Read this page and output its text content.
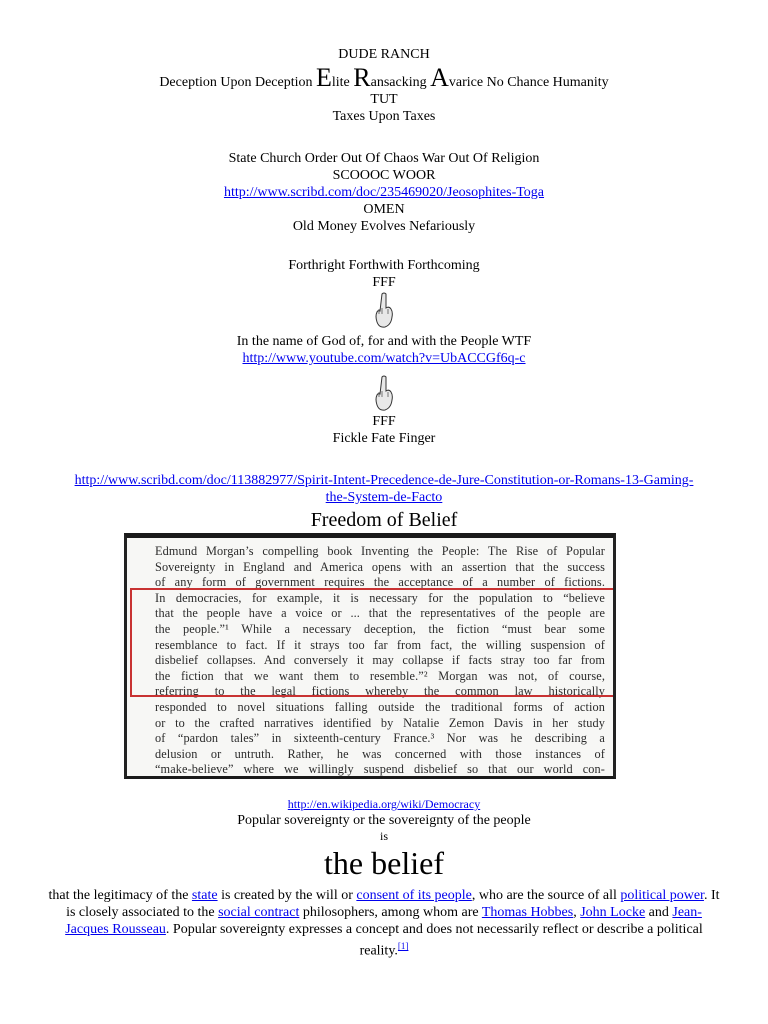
DUDE RANCH
Deception Upon Deception Elite Ransacking Avarice No Chance Humanity
TUT
Taxes Upon Taxes
State Church Order Out Of Chaos War Out Of Religion
SCOOOC WOOR
http://www.scribd.com/doc/235469020/Jeosophites-Toga
OMEN
Old Money Evolves Nefariously
Forthright Forthwith Forthcoming
FFF
In the name of God of, for and with the People WTF
http://www.youtube.com/watch?v=UbACCGf6q-c
FFF
Fickle Fate Finger
http://www.scribd.com/doc/113882977/Spirit-Intent-Precedence-de-Jure-Constitution-or-Romans-13-Gaming-
the-System-de-Facto
Freedom of Belief
Edmund Morgan’s compelling book Inventing the People: The Rise of Popular
Sovereignty in England and America opens with an assertion that the success
of any form of government requires the acceptance of a number of fictions.
In democracies, for example, it is necessary for the population to “believe
that the people have a voice or ... that the representatives of the people are
the people.”¹ While a necessary deception, the fiction “must bear some
resemblance to fact. If it strays too far from fact, the willing suspension of
disbelief collapses. And conversely it may collapse if facts stray too far from
the fiction that we want them to resemble.”² Morgan was not, of course,
referring to the legal fictions whereby the common law historically
responded to novel situations falling outside the traditional forms of action
or to the crafted narratives identified by Natalie Zemon Davis in her study
of “pardon tales” in sixteenth-century France.³ Nor was he describing a
delusion or untruth. Rather, he was concerned with those instances of
“make-believe” where we willingly suspend disbelief so that our world con-
http://en.wikipedia.org/wiki/Democracy
Popular sovereignty or the sovereignty of the people
is
the belief
that the legitimacy of the state is created by the will or consent of its people, who are the source of all political power. It is closely associated to the social contract philosophers, among whom are Thomas Hobbes, John Locke and Jean-Jacques Rousseau. Popular sovereignty expresses a concept and does not necessarily reflect or describe a political reality.[1]
